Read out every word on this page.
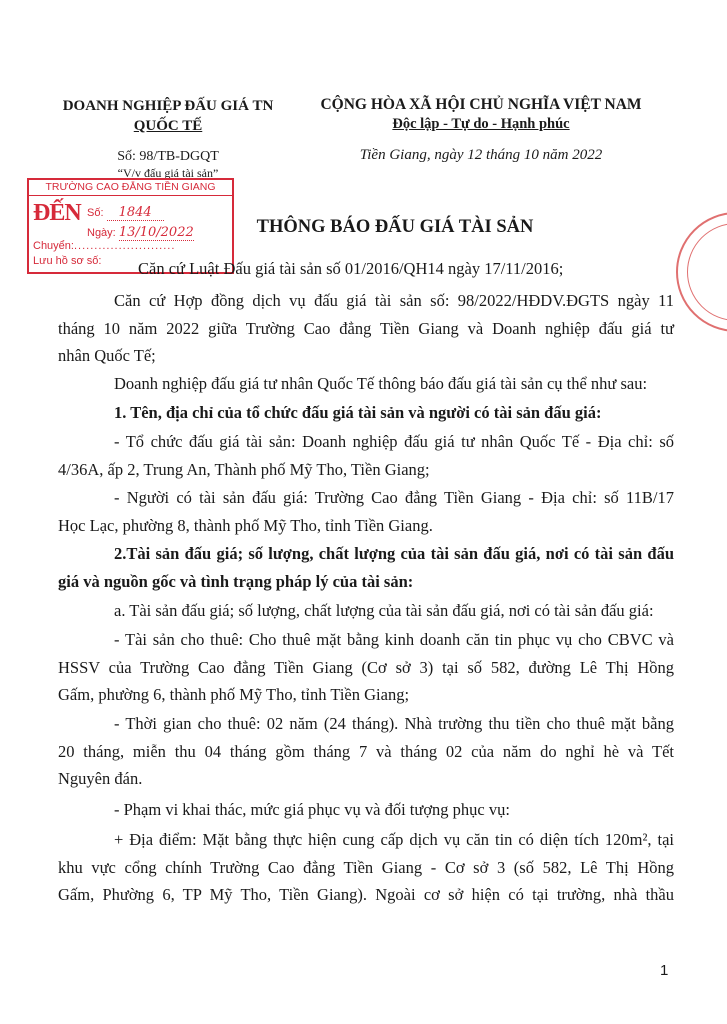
DOANH NGHIỆP ĐẤU GIÁ TN
QUỐC TẾ
Số: 98/TB-DGQT
“V/v đấu giá tài sản”
CỘNG HÒA XÃ HỘI CHỦ NGHĨA VIỆT NAM
Độc lập - Tự do - Hạnh phúc
Tiền Giang, ngày 12 tháng 10 năm 2022
TRƯỜNG CAO ĐẲNG TIỀN GIANG
ĐẾN Số: 1844
Ngày: 13/10/2022
Chuyển:.........................
Lưu hồ sơ số:
THÔNG BÁO ĐẤU GIÁ TÀI SẢN
Căn cứ Luật Đấu giá tài sản số 01/2016/QH14 ngày 17/11/2016;
Căn cứ Hợp đồng dịch vụ đấu giá tài sản số: 98/2022/HĐDV.ĐGTS ngày 11
tháng 10 năm 2022 giữa Trường Cao đẳng Tiền Giang và Doanh nghiệp đấu giá tư
nhân Quốc Tế;
Doanh nghiệp đấu giá tư nhân Quốc Tế thông báo đấu giá tài sản cụ thể như sau:
1. Tên, địa chỉ của tổ chức đấu giá tài sản và người có tài sản đấu giá:
- Tổ chức đấu giá tài sản: Doanh nghiệp đấu giá tư nhân Quốc Tế - Địa chỉ: số
4/36A, ấp 2, Trung An, Thành phố Mỹ Tho, Tiền Giang;
- Người có tài sản đấu giá: Trường Cao đẳng Tiền Giang - Địa chỉ: số 11B/17
Học Lạc, phường 8, thành phố Mỹ Tho, tỉnh Tiền Giang.
2.Tài sản đấu giá; số lượng, chất lượng của tài sản đấu giá, nơi có tài sản đấu
giá và nguồn gốc và tình trạng pháp lý của tài sản:
a. Tài sản đấu giá; số lượng, chất lượng của tài sản đấu giá, nơi có tài sản đấu giá:
- Tài sản cho thuê: Cho thuê mặt bằng kinh doanh căn tin phục vụ cho CBVC và
HSSV của Trường Cao đẳng Tiền Giang (Cơ sở 3) tại số 582, đường Lê Thị Hồng
Gấm, phường 6, thành phố Mỹ Tho, tỉnh Tiền Giang;
- Thời gian cho thuê: 02 năm (24 tháng). Nhà trường thu tiền cho thuê mặt bằng
20 tháng, miễn thu 04 tháng gồm tháng 7 và tháng 02 của năm do nghỉ hè và Tết
Nguyên đán.
- Phạm vi khai thác, mức giá phục vụ và đối tượng phục vụ:
+ Địa điểm: Mặt bằng thực hiện cung cấp dịch vụ căn tin có diện tích 120m², tại
khu vực cổng chính Trường Cao đẳng Tiền Giang - Cơ sở 3 (số 582, Lê Thị Hồng
Gấm, Phường 6, TP Mỹ Tho, Tiền Giang). Ngoài cơ sở hiện có tại trường, nhà thầu
1
